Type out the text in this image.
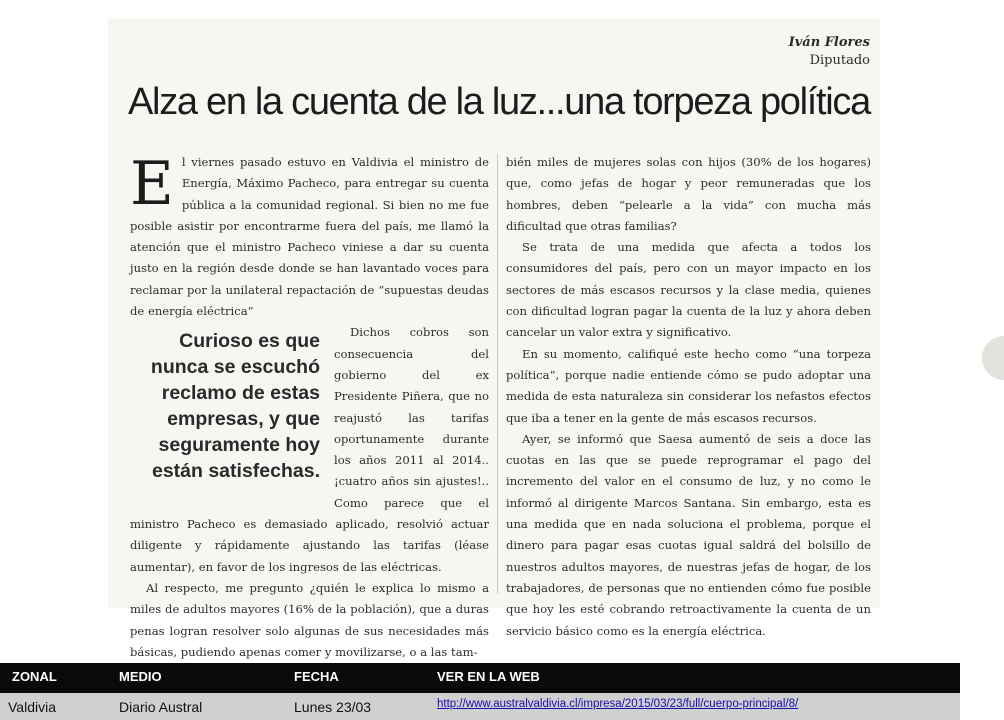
Iván Flores
Diputado
Alza en la cuenta de la luz...una torpeza política
E l viernes pasado estuvo en Valdivia el ministro de Energía, Máximo Pacheco, para entregar su cuenta pública a la comunidad regional. Si bien no me fue posible asistir por encontrarme fuera del país, me llamó la atención que el ministro Pacheco viniese a dar su cuenta justo en la región desde donde se han lavantado voces para reclamar por la unilateral repactación de “supuestas deudas de energía eléctrica”

Curioso es que nunca se escuchó reclamo de estas empresas, y que seguramente hoy están satisfechas.

Dichos cobros son consecuencia del gobierno del ex Presidente Piñera, que no reajustó las tarifas oportunamente durante los años 2011 al 2014..¡cuatro años sin ajustes!.. Como parece que el ministro Pacheco es demasiado aplicado, resolvió actuar diligente y rápidamente ajustando las tarifas (léase aumentar), en favor de los ingresos de las eléctricas.

Al respecto, me pregunto ¿quién le explica lo mismo a miles de adultos mayores (16% de la población), que a duras penas logran resolver solo algunas de sus necesidades más básicas, pudiendo apenas comer y movilizarse, o a las tam-

bién miles de mujeres solas con hijos (30% de los hogares) que, como jefas de hogar y peor remuneradas que los hombres, deben “pelearle a la vida” con mucha más dificultad que otras familias?

Se trata de una medida que afecta a todos los consumidores del país, pero con un mayor impacto en los sectores de más escasos recursos y la clase media, quienes con dificultad logran pagar la cuenta de la luz y ahora deben cancelar un valor extra y significativo.

En su momento, califiqué este hecho como “una torpeza política”, porque nadie entiende cómo se pudo adoptar una medida de esta naturaleza sin considerar los nefastos efectos que iba a tener en la gente de más escasos recursos.

Ayer, se informó que Saesa aumentó de seis a doce las cuotas en las que se puede reprogramar el pago del incremento del valor en el consumo de luz, y no como le informó al dirigente Marcos Santana. Sin embargo, esta es una medida que en nada soluciona el problema, porque el dinero para pagar esas cuotas igual saldrá del bolsillo de nuestros adultos mayores, de nuestras jefas de hogar, de los trabajadores, de personas que no entienden cómo fue posible que hoy les esté cobrando retroactivamente la cuenta de un servicio básico como es la energía eléctrica.

ZONAL	MEDIO	FECHA	VER EN LA WEB
Valdivia	Diario Austral	Lunes 23/03	http://www.australvaldivia.cl/impresa/2015/03/23/full/cuerpo-principal/8/
